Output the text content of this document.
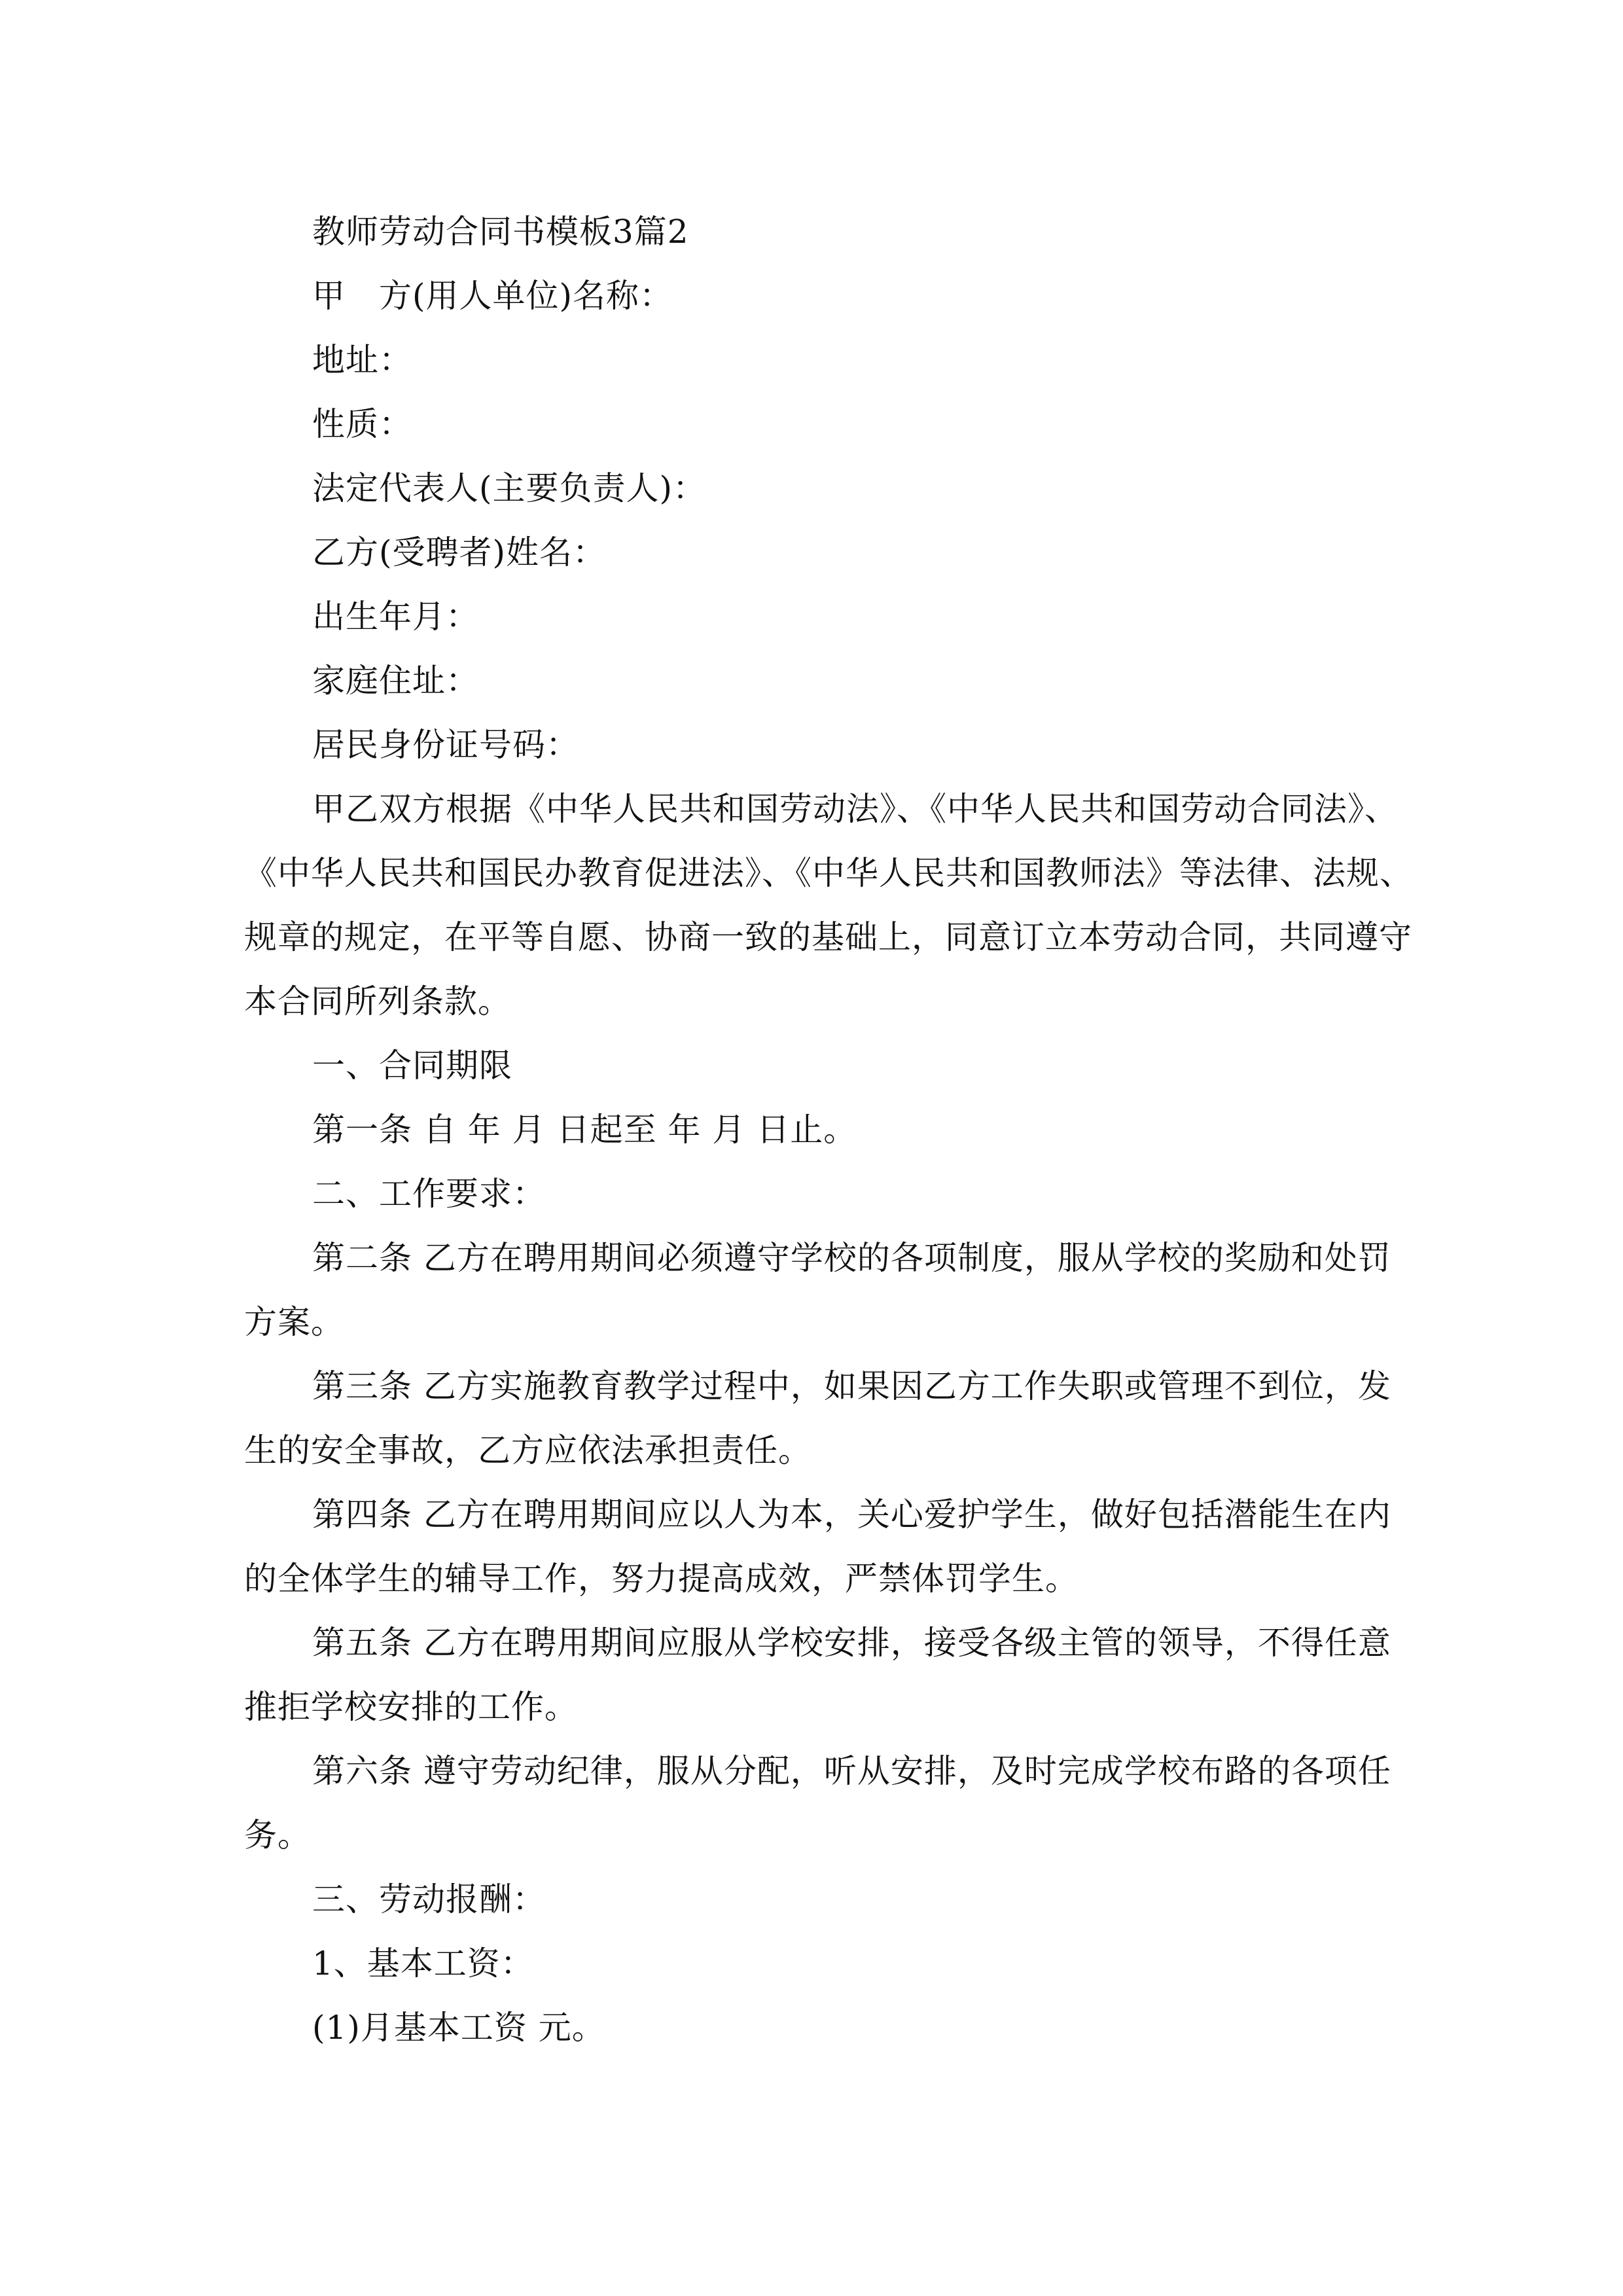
教师劳动合同书模板3篇2
甲　方(用人单位)名称：
地址：
性质：
法定代表人(主要负责人)：
乙方(受聘者)姓名：
出生年月：
家庭住址：
居民身份证号码：
甲乙双方根据《中华人民共和国劳动法》、《中华人民共和国劳动合同法》、
《中华人民共和国民办教育促进法》、《中华人民共和国教师法》等法律、法规、
规章的规定，在平等自愿、协商一致的基础上，同意订立本劳动合同，共同遵守
本合同所列条款。
一、合同期限
第一条 自 年 月 日起至 年 月 日止。
二、工作要求：
第二条 乙方在聘用期间必须遵守学校的各项制度，服从学校的奖励和处罚
方案。
第三条 乙方实施教育教学过程中，如果因乙方工作失职或管理不到位，发
生的安全事故，乙方应依法承担责任。
第四条 乙方在聘用期间应以人为本，关心爱护学生，做好包括潜能生在内
的全体学生的辅导工作，努力提高成效，严禁体罚学生。
第五条 乙方在聘用期间应服从学校安排，接受各级主管的领导，不得任意
推拒学校安排的工作。
第六条 遵守劳动纪律，服从分配，听从安排，及时完成学校布路的各项任
务。
三、劳动报酬：
1、基本工资：
(1)月基本工资 元。
